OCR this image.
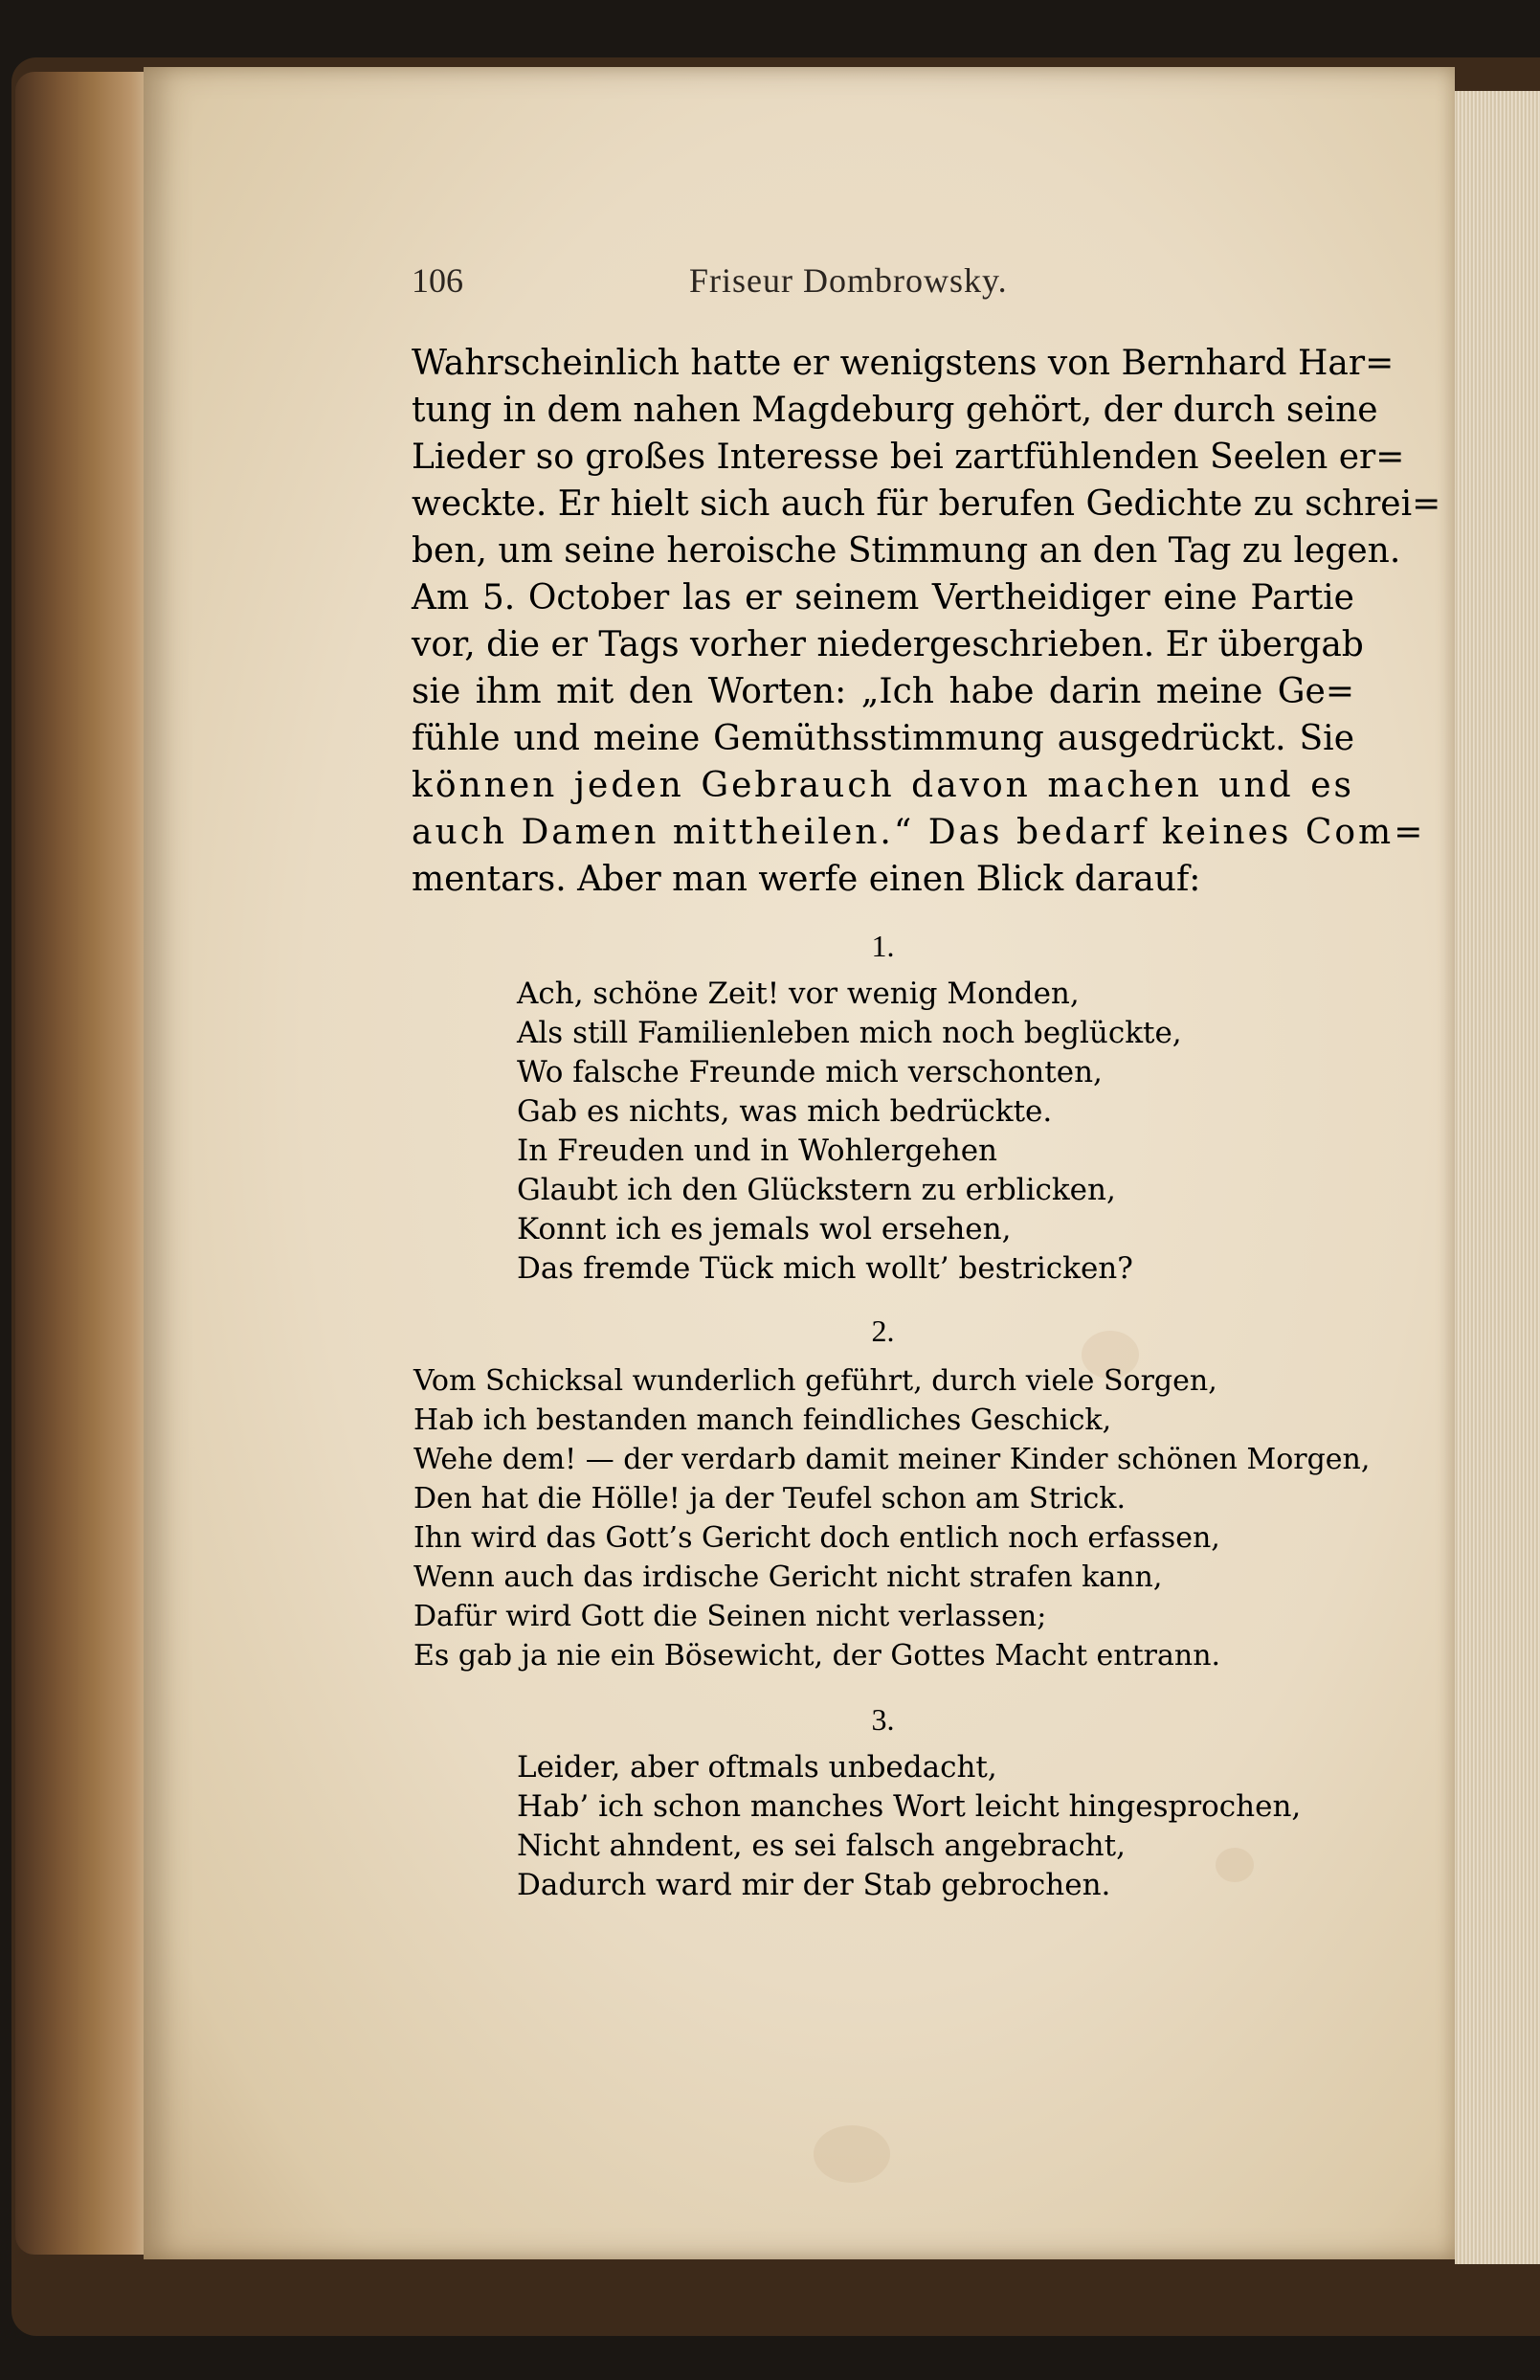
106	Friseur Dombrowsky.
Wahrscheinlich hatte er wenigstens von Bernhard Har=
tung in dem nahen Magdeburg gehört, der durch seine
Lieder so großes Interesse bei zartfühlenden Seelen er=
weckte. Er hielt sich auch für berufen Gedichte zu schrei=
ben, um seine heroische Stimmung an den Tag zu legen.
Am 5. October las er seinem Vertheidiger eine Partie
vor, die er Tags vorher niedergeschrieben. Er übergab
sie ihm mit den Worten: „Ich habe darin meine Ge=
fühle und meine Gemüthsstimmung ausgedrückt. Sie
können jeden Gebrauch davon machen und es
auch Damen mittheilen.“ Das bedarf keines Com=
mentars. Aber man werfe einen Blick darauf:
1.
Ach, schöne Zeit! vor wenig Monden,
Als still Familienleben mich noch beglückte,
Wo falsche Freunde mich verschonten,
Gab es nichts, was mich bedrückte.
In Freuden und in Wohlergehen
Glaubt ich den Glückstern zu erblicken,
Konnt ich es jemals wol ersehen,
Das fremde Tück mich wollt’ bestricken?
2.
Vom Schicksal wunderlich geführt, durch viele Sorgen,
Hab ich bestanden manch feindliches Geschick,
Wehe dem! — der verdarb damit meiner Kinder schönen Morgen,
Den hat die Hölle! ja der Teufel schon am Strick.
Ihn wird das Gott’s Gericht doch entlich noch erfassen,
Wenn auch das irdische Gericht nicht strafen kann,
Dafür wird Gott die Seinen nicht verlassen;
Es gab ja nie ein Bösewicht, der Gottes Macht entrann.
3.
Leider, aber oftmals unbedacht,
Hab’ ich schon manches Wort leicht hingesprochen,
Nicht ahndent, es sei falsch angebracht,
Dadurch ward mir der Stab gebrochen.
